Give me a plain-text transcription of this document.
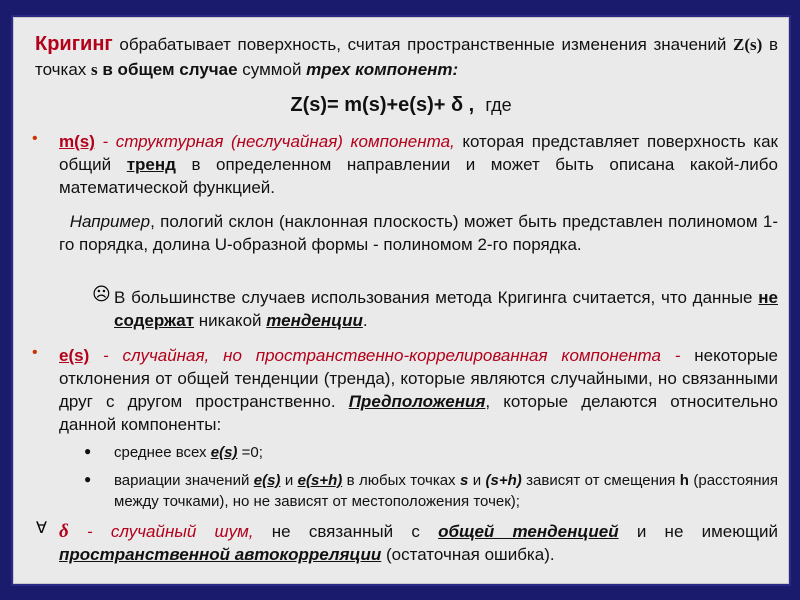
Кригинг обрабатывает поверхность, считая пространственные изменения значений Z(s) в точках s в общем случае суммой трех компонент:
Z(s)= m(s)+e(s)+ δ , где
• m(s) - структурная (неслучайная) компонента, которая представляет поверхность как общий тренд в определенном направлении и может быть описана какой-либо математической функцией.
Например, пологий склон (наклонная плоскость) может быть представлен полиномом 1-го порядка, долина U-образной формы - полиномом 2-го порядка.
☹ В большинстве случаев использования метода Кригинга считается, что данные не содержат никакой тенденции.
• e(s) - случайная, но пространственно-коррелированная компонента - некоторые отклонения от общей тенденции (тренда), которые являются случайными, но связанными друг с другом пространственно. Предположения, которые делаются относительно данной компоненты:
● среднее всех e(s) =0;
● вариации значений e(s) и e(s+h) в любых точках s и (s+h) зависят от смещения h (расстояния между точками), но не зависят от местоположения точек);
∀ δ - случайный шум, не связанный с общей тенденцией и не имеющий пространственной автокорреляции (остаточная ошибка).
